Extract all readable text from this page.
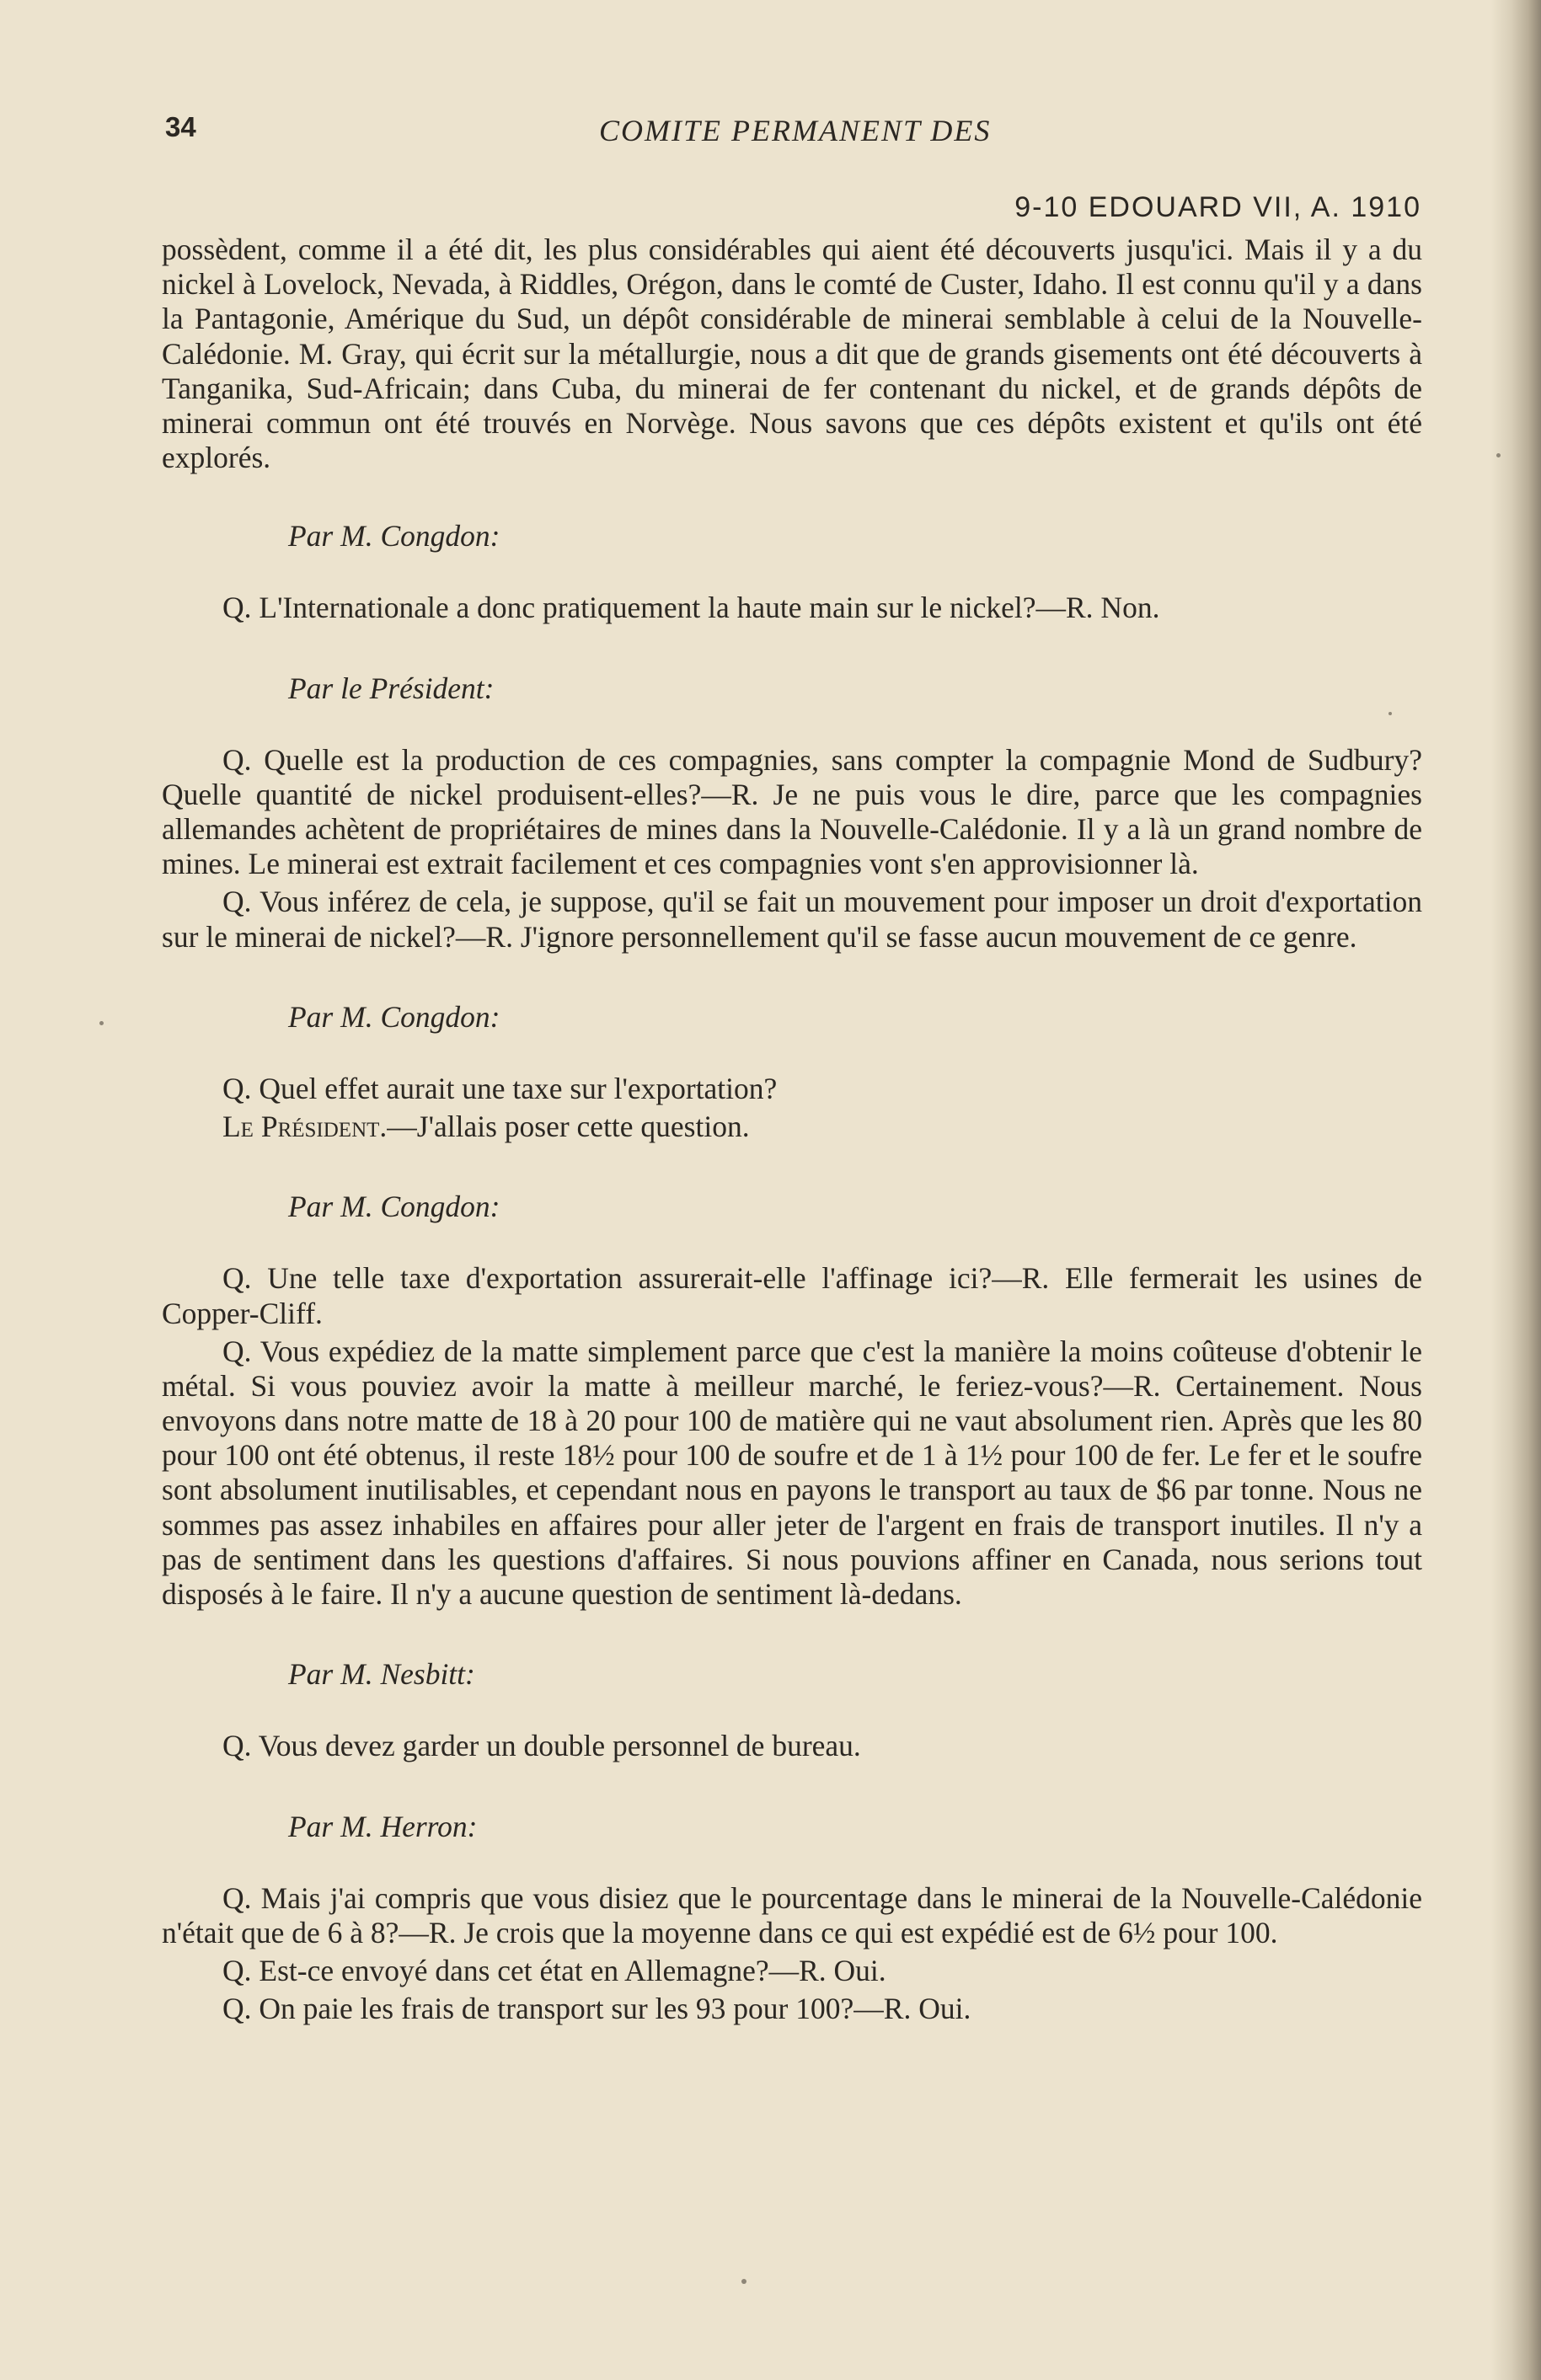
34	COMITE PERMANENT DES
9-10 EDOUARD VII, A. 1910

possèdent, comme il a été dit, les plus considérables qui aient été découverts jusqu'ici. Mais il y a du nickel à Lovelock, Nevada, à Riddles, Orégon, dans le comté de Custer, Idaho. Il est connu qu'il y a dans la Pantagonie, Amérique du Sud, un dépôt considérable de minerai semblable à celui de la Nouvelle-Calédonie. M. Gray, qui écrit sur la métallurgie, nous a dit que de grands gisements ont été découverts à Tanganika, Sud-Africain; dans Cuba, du minerai de fer contenant du nickel, et de grands dépôts de minerai commun ont été trouvés en Norvège. Nous savons que ces dépôts existent et qu'ils ont été explorés.

Par M. Congdon:

Q. L'Internationale a donc pratiquement la haute main sur le nickel?—R. Non.

Par le Président:

Q. Quelle est la production de ces compagnies, sans compter la compagnie Mond de Sudbury? Quelle quantité de nickel produisent-elles?—R. Je ne puis vous le dire, parce que les compagnies allemandes achètent de propriétaires de mines dans la Nouvelle-Calédonie. Il y a là un grand nombre de mines. Le minerai est extrait facilement et ces compagnies vont s'en approvisionner là.

Q. Vous inférez de cela, je suppose, qu'il se fait un mouvement pour imposer un droit d'exportation sur le minerai de nickel?—R. J'ignore personnellement qu'il se fasse aucun mouvement de ce genre.

Par M. Congdon:

Q. Quel effet aurait une taxe sur l'exportation?

Le Président.—J'allais poser cette question.

Par M. Congdon:

Q. Une telle taxe d'exportation assurerait-elle l'affinage ici?—R. Elle fermerait les usines de Copper-Cliff.

Q. Vous expédiez de la matte simplement parce que c'est la manière la moins coûteuse d'obtenir le métal. Si vous pouviez avoir la matte à meilleur marché, le feriez-vous?—R. Certainement. Nous envoyons dans notre matte de 18 à 20 pour 100 de matière qui ne vaut absolument rien. Après que les 80 pour 100 ont été obtenus, il reste 18½ pour 100 de soufre et de 1 à 1½ pour 100 de fer. Le fer et le soufre sont absolument inutilisables, et cependant nous en payons le transport au taux de $6 par tonne. Nous ne sommes pas assez inhabiles en affaires pour aller jeter de l'argent en frais de transport inutiles. Il n'y a pas de sentiment dans les questions d'affaires. Si nous pouvions affiner en Canada, nous serions tout disposés à le faire. Il n'y a aucune question de sentiment là-dedans.

Par M. Nesbitt:

Q. Vous devez garder un double personnel de bureau.

Par M. Herron:

Q. Mais j'ai compris que vous disiez que le pourcentage dans le minerai de la Nouvelle-Calédonie n'était que de 6 à 8?—R. Je crois que la moyenne dans ce qui est expédié est de 6½ pour 100.

Q. Est-ce envoyé dans cet état en Allemagne?—R. Oui.

Q. On paie les frais de transport sur les 93 pour 100?—R. Oui.
